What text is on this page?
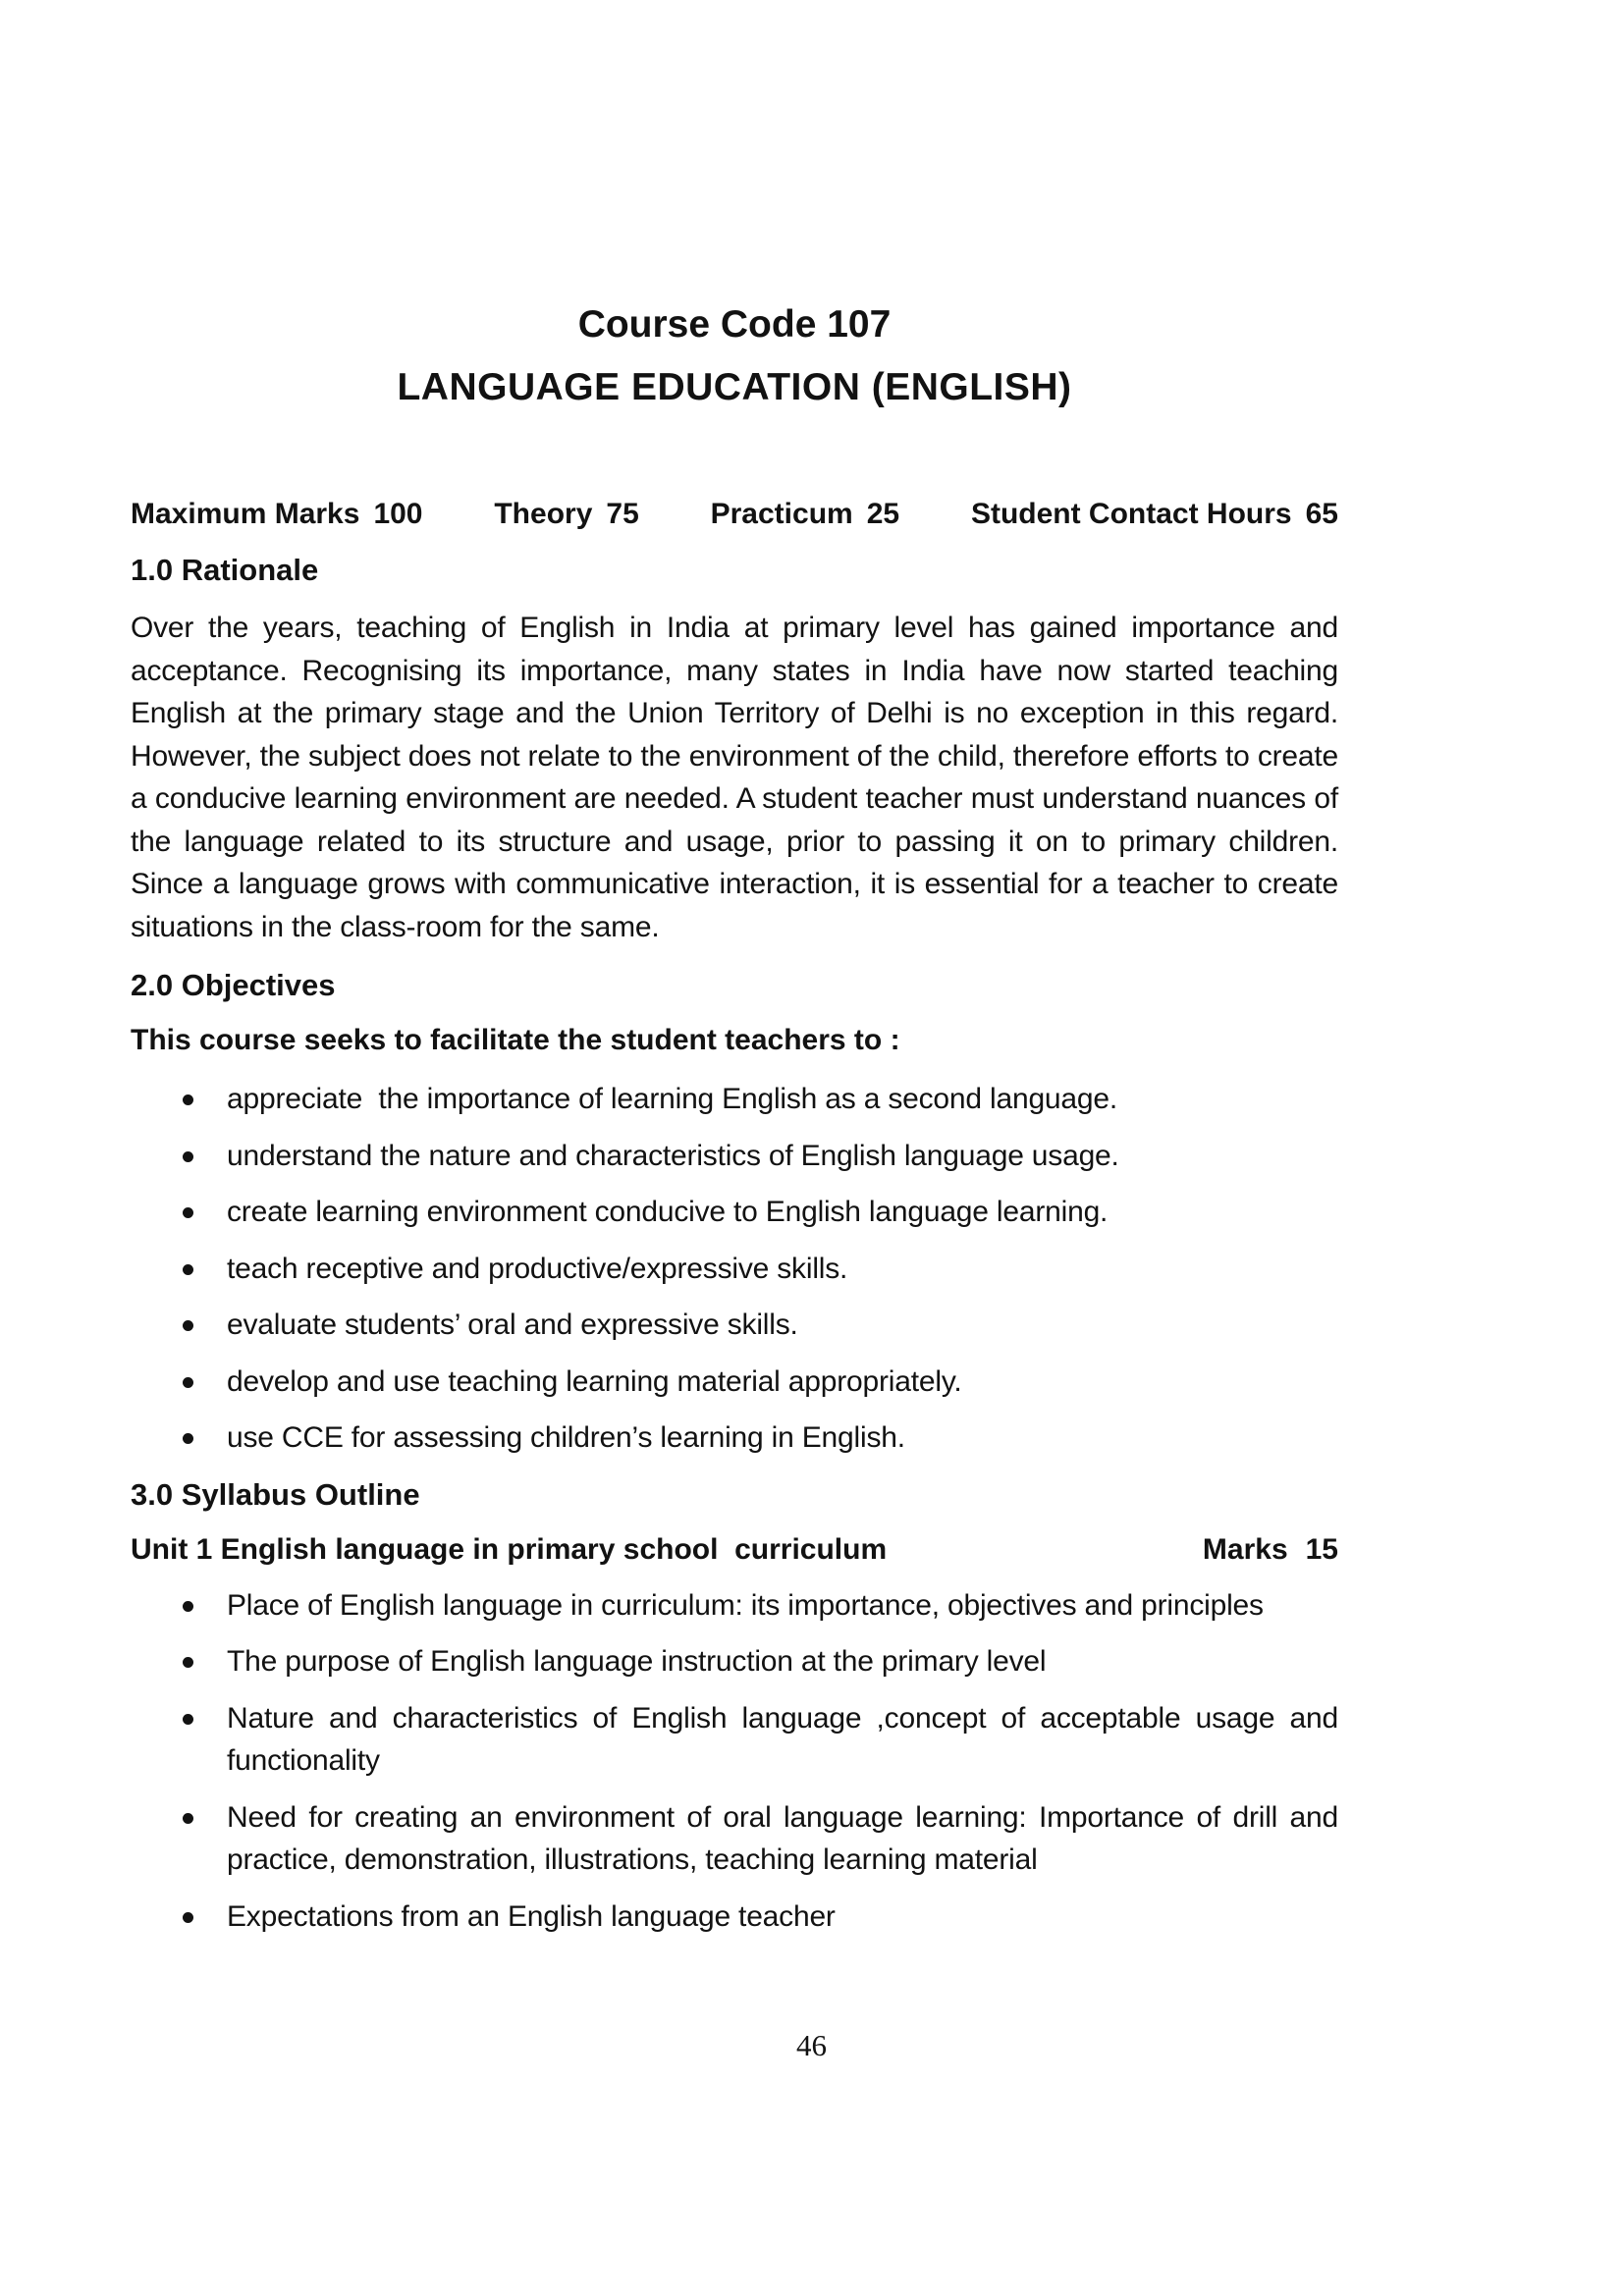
Course Code 107
LANGUAGE EDUCATION (ENGLISH)
Maximum Marks 100 Theory 75 Practicum 25 Student Contact Hours 65
1.0 Rationale

Over the years, teaching of English in India at primary level has gained importance and acceptance. Recognising its importance, many states in India have now started teaching English at the primary stage and the Union Territory of Delhi is no exception in this regard. However, the subject does not relate to the environment of the child, therefore efforts to create a conducive learning environment are needed. A student teacher must understand nuances of the language related to its structure and usage, prior to passing it on to primary children. Since a language grows with communicative interaction, it is essential for a teacher to create situations in the class-room for the same.

2.0 Objectives
This course seeks to facilitate the student teachers to :
appreciate  the importance of learning English as a second language.
understand the nature and characteristics of English language usage.
create learning environment conducive to English language learning.
teach receptive and productive/expressive skills.
evaluate students’ oral and expressive skills.
develop and use teaching learning material appropriately.
use CCE for assessing children’s learning in English.
3.0 Syllabus Outline
Unit 1 English language in primary school  curriculum	Marks 15
Place of English language in curriculum: its importance, objectives and principles
The purpose of English language instruction at the primary level
Nature and characteristics of English language ,concept of acceptable usage and functionality
Need for creating an environment of oral language learning: Importance of drill and practice, demonstration, illustrations, teaching learning material
Expectations from an English language teacher
46
